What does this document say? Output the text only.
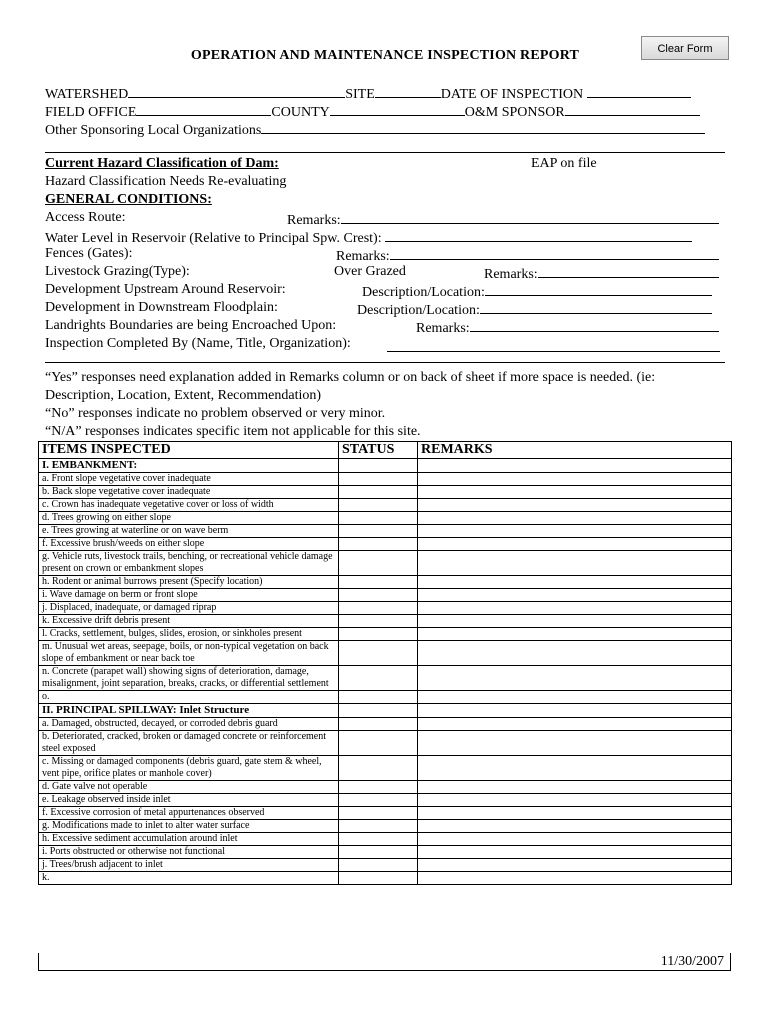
Clear Form
OPERATION AND MAINTENANCE INSPECTION REPORT
WATERSHED	SITE	DATE OF INSPECTION
FIELD OFFICE	COUNTY	O&M SPONSOR
Other Sponsoring Local Organizations
Current Hazard Classification of Dam:	EAP on file
Hazard Classification Needs Re-evaluating
GENERAL CONDITIONS:
Access Route:	Remarks:
Water Level in Reservoir (Relative to Principal Spw. Crest):
Fences (Gates):	Remarks:
Livestock Grazing(Type):	Over Grazed	Remarks:
Development Upstream Around Reservoir:	Description/Location:
Development in Downstream Floodplain:	Description/Location:
Landrights Boundaries are being Encroached Upon:	Remarks:
Inspection Completed By (Name, Title, Organization):
“Yes” responses need explanation added in Remarks column or on back of sheet if more space is needed. (ie:
Description, Location, Extent, Recommendation)
“No” responses indicate no problem observed or very minor.
“N/A” responses indicates specific item not applicable for this site.
ITEMS INSPECTED	STATUS	REMARKS
I. EMBANKMENT:		
a. Front slope vegetative cover inadequate		
b. Back slope vegetative cover inadequate		
c. Crown has inadequate vegetative cover or loss of width		
d. Trees growing on either slope		
e. Trees growing at waterline or on wave berm		
f. Excessive brush/weeds on either slope		
g. Vehicle ruts, livestock trails, benching, or recreational vehicle damage present on crown or embankment slopes		
h. Rodent or animal burrows present (Specify location)		
i. Wave damage on berm or front slope		
j. Displaced, inadequate, or damaged riprap		
k. Excessive drift debris present		
l. Cracks, settlement, bulges, slides, erosion, or sinkholes present		
m. Unusual wet areas, seepage, boils, or non-typical vegetation on back slope of embankment or near back toe		
n. Concrete (parapet wall) showing signs of deterioration, damage, misalignment, joint separation, breaks, cracks, or differential settlement		
o.		
II. PRINCIPAL SPILLWAY: Inlet Structure		
a. Damaged, obstructed, decayed, or corroded debris guard		
b. Deteriorated, cracked, broken or damaged concrete or reinforcement steel exposed		
c. Missing or damaged components (debris guard, gate stem & wheel, vent pipe, orifice plates or manhole cover)		
d. Gate valve not operable		
e. Leakage observed inside inlet		
f. Excessive corrosion of metal appurtenances observed		
g. Modifications made to inlet to alter water surface		
h. Excessive sediment accumulation around inlet		
i. Ports obstructed or otherwise not functional		
j. Trees/brush adjacent to inlet		
k.		
11/30/2007
